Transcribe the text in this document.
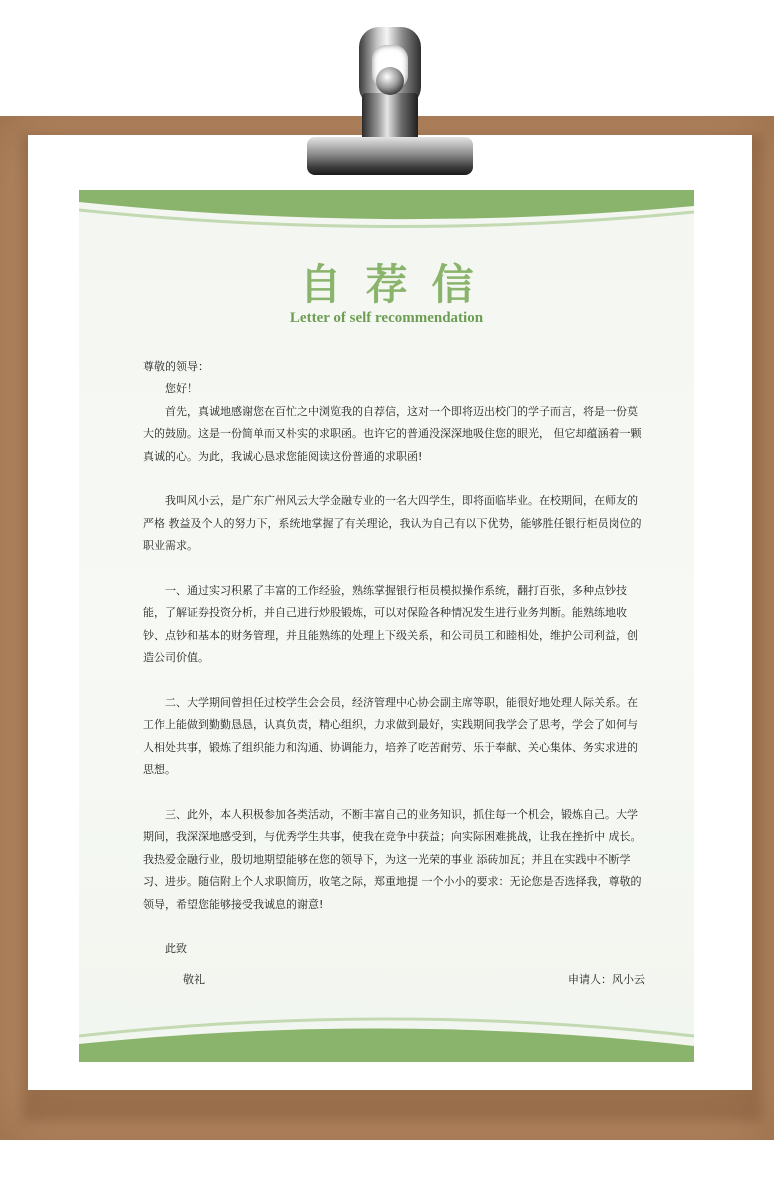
自荐信
Letter of self recommendation

尊敬的领导：

您好！

首先，真诚地感谢您在百忙之中浏览我的自荐信，这对一个即将迈出校门的学子而言，将是一份莫大的鼓励。这是一份简单而又朴实的求职函。也许它的普通没深深地吸住您的眼光， 但它却蕴涵着一颗真诚的心。为此，我诚心恳求您能阅读这份普通的求职函!

我叫风小云，是广东广州风云大学金融专业的一名大四学生，即将面临毕业。在校期间，在师友的严格 教益及个人的努力下，系统地掌握了有关理论，我认为自己有以下优势，能够胜任银行柜员岗位的职业需求。

一、通过实习积累了丰富的工作经验，熟练掌握银行柜员模拟操作系统，翻打百张，多种点钞技能，了解证券投资分析，并自己进行炒股锻炼，可以对保险各种情况发生进行业务判断。能熟练地收钞、点钞和基本的财务管理，并且能熟练的处理上下级关系，和公司员工和睦相处，维护公司利益，创造公司价值。

二、大学期间曾担任过校学生会会员，经济管理中心协会副主席等职，能很好地处理人际关系。在工作上能做到勤勤恳恳，认真负责，精心组织，力求做到最好，实践期间我学会了思考，学会了如何与人相处共事，锻炼了组织能力和沟通、协调能力，培养了吃苦耐劳、乐于奉献、关心集体、务实求进的思想。

三、此外，本人积极参加各类活动，不断丰富自己的业务知识，抓住每一个机会，锻炼自己。大学期间，我深深地感受到，与优秀学生共事，使我在竞争中获益；向实际困难挑战，让我在挫折中 成长。我热爱金融行业，殷切地期望能够在您的领导下，为这一光荣的事业 添砖加瓦；并且在实践中不断学习、进步。随信附上个人求职简历，收笔之际，郑重地提 一个小小的要求：无论您是否选择我，尊敬的领导，希望您能够接受我诚息的谢意!

此致

敬礼	申请人：风小云
